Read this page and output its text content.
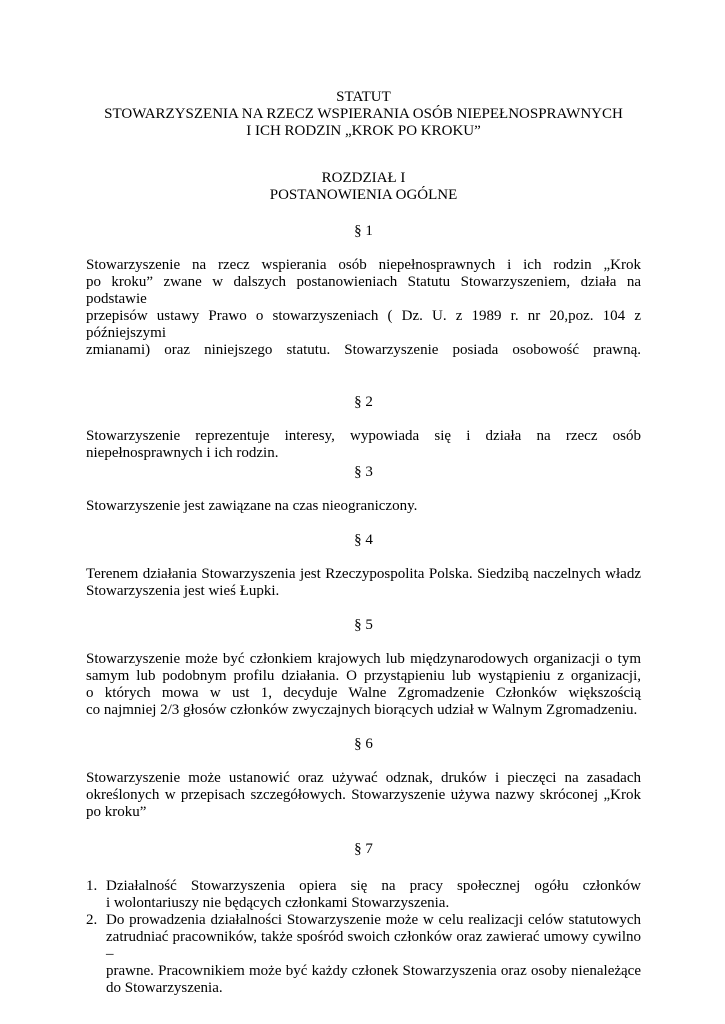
STATUT
STOWARZYSZENIA NA RZECZ WSPIERANIA OSÓB NIEPEŁNOSPRAWNYCH
I ICH RODZIN „KROK PO KROKU”
ROZDZIAŁ I
POSTANOWIENIA OGÓLNE
§ 1
Stowarzyszenie na rzecz wspierania osób niepełnosprawnych i ich rodzin „Krok
po kroku” zwane w dalszych postanowieniach Statutu Stowarzyszeniem, działa na podstawie
przepisów ustawy Prawo o stowarzyszeniach ( Dz. U. z 1989 r. nr 20,poz. 104 z późniejszymi
zmianami) oraz niniejszego statutu. Stowarzyszenie posiada osobowość prawną.
§ 2
Stowarzyszenie reprezentuje interesy, wypowiada się i działa na rzecz osób
niepełnosprawnych i ich rodzin.
§ 3
Stowarzyszenie jest zawiązane na czas nieograniczony.
§ 4
Terenem działania Stowarzyszenia jest Rzeczypospolita Polska. Siedzibą naczelnych władz
Stowarzyszenia jest wieś Łupki.
§ 5
Stowarzyszenie może być członkiem krajowych lub międzynarodowych organizacji o tym
samym lub podobnym profilu działania. O przystąpieniu lub wystąpieniu z organizacji,
o których mowa w ust 1, decyduje Walne Zgromadzenie Członków większością
co najmniej 2/3 głosów członków zwyczajnych biorących udział w Walnym Zgromadzeniu.
§ 6
Stowarzyszenie może ustanowić oraz używać odznak, druków i pieczęci na zasadach
określonych w przepisach szczegółowych. Stowarzyszenie używa nazwy skróconej „Krok
po kroku”
§ 7
1. Działalność Stowarzyszenia opiera się na pracy społecznej ogółu członków
i wolontariuszy nie będących członkami Stowarzyszenia.
2. Do prowadzenia działalności Stowarzyszenie może w celu realizacji celów statutowych
zatrudniać pracowników, także spośród swoich członków oraz zawierać umowy cywilno –
prawne. Pracownikiem może być każdy członek Stowarzyszenia oraz osoby nienależące
do Stowarzyszenia.
